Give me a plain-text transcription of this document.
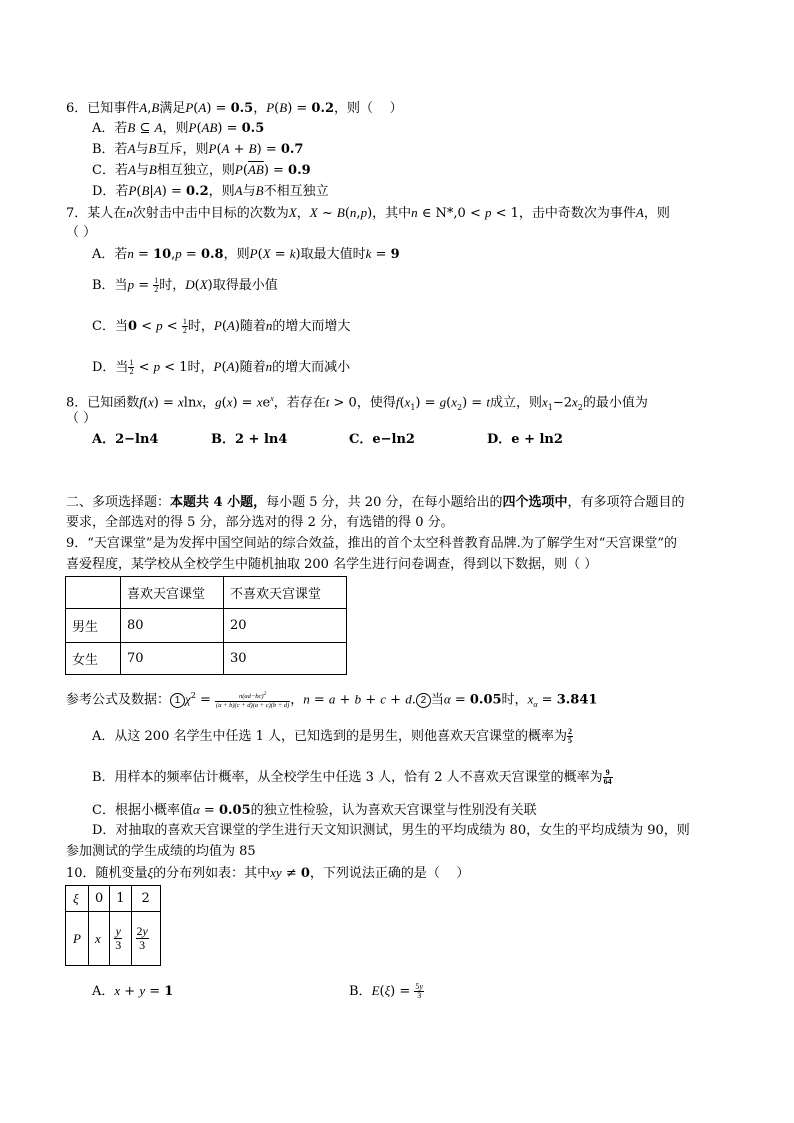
6．已知事件A,B满足P(A) = 0.5，P(B) = 0.2，则（    ）
A．若B ⊆ A，则P(AB) = 0.5
B．若A与B互斥，则P(A + B) = 0.7
C．若A与B相互独立，则$P(\overline{AB}) = 0.9$
D．若P(B|A) = 0.2，则A与B不相互独立
7．某人在n次射击中击中目标的次数为X，X ~ B(n,p)，其中n ∈ N*,0 < p < 1，击中奇数次为事件A，则
（ ）
A．若n = 10,p = 0.8，则P(X = k)取最大值时k = 9
B．当$p = \frac{1}{2}$ 时，D(X)取得最小值
C．当$0 < p < \frac{1}{2}$ 时，P(A)随着n的增大而增大
D．当 $\frac{1}{2} < p < 1$时，P(A)随着n的增大而减小
8．已知函数f(x) = xlnx，$g(x) = xe^x$，若存在t > 0，使得$f(x_1) = g(x_2) = t$成立，则$x_1-2x_2$的最小值为
（ ）
A．2−ln4	B．2 + ln4	C．e−ln2	D．e + ln2
二、多项选择题：本题共 4 小题，每小题 5 分，共 20 分，在每小题给出的四个选项中，有多项符合题目的
要求，全部选对的得 5 分，部分选对的得 2 分，有选错的得 0 分。
9．“天宫课堂”是为发挥中国空间站的综合效益，推出的首个太空科普教育品牌.为了解学生对“天宫课堂”的
喜爱程度，某学校从全校学生中随机抽取 200 名学生进行问卷调查，得到以下数据，则（ ）
	喜欢天宫课堂	不喜欢天宫课堂
男生	80	20
女生	70	30
参考公式及数据： 1 $\chi^2 = \frac{n(ad-bc)^2}{(a + b)(c + d)(a + c)(b + d)}$ ，n = a + b + c + d. 2 当α = 0.05时，$x_\alpha = 3.841$
A．从这 200 名学生中任选 1 人，已知选到的是男生，则他喜欢天宫课堂的概率为 $\frac{2}{5}$
B．用样本的频率估计概率，从全校学生中任选 3 人，恰有 2 人不喜欢天宫课堂的概率为 $\frac{9}{64}$
C．根据小概率值α = 0.05的独立性检验，认为喜欢天宫课堂与性别没有关联
D．对抽取的喜欢天宫课堂的学生进行天文知识测试，男生的平均成绩为 80，女生的平均成绩为 90，则
参加测试的学生成绩的均值为 85
10．随机变量ξ的分布列如表：其中xy ≠ 0，下列说法正确的是（    ）
ξ	0	1	2
P	x	$\frac{y}{3}$	$\frac{2y}{3}$
A．x + y = 1	B．$E(\xi) = \frac{5y}{3}$
